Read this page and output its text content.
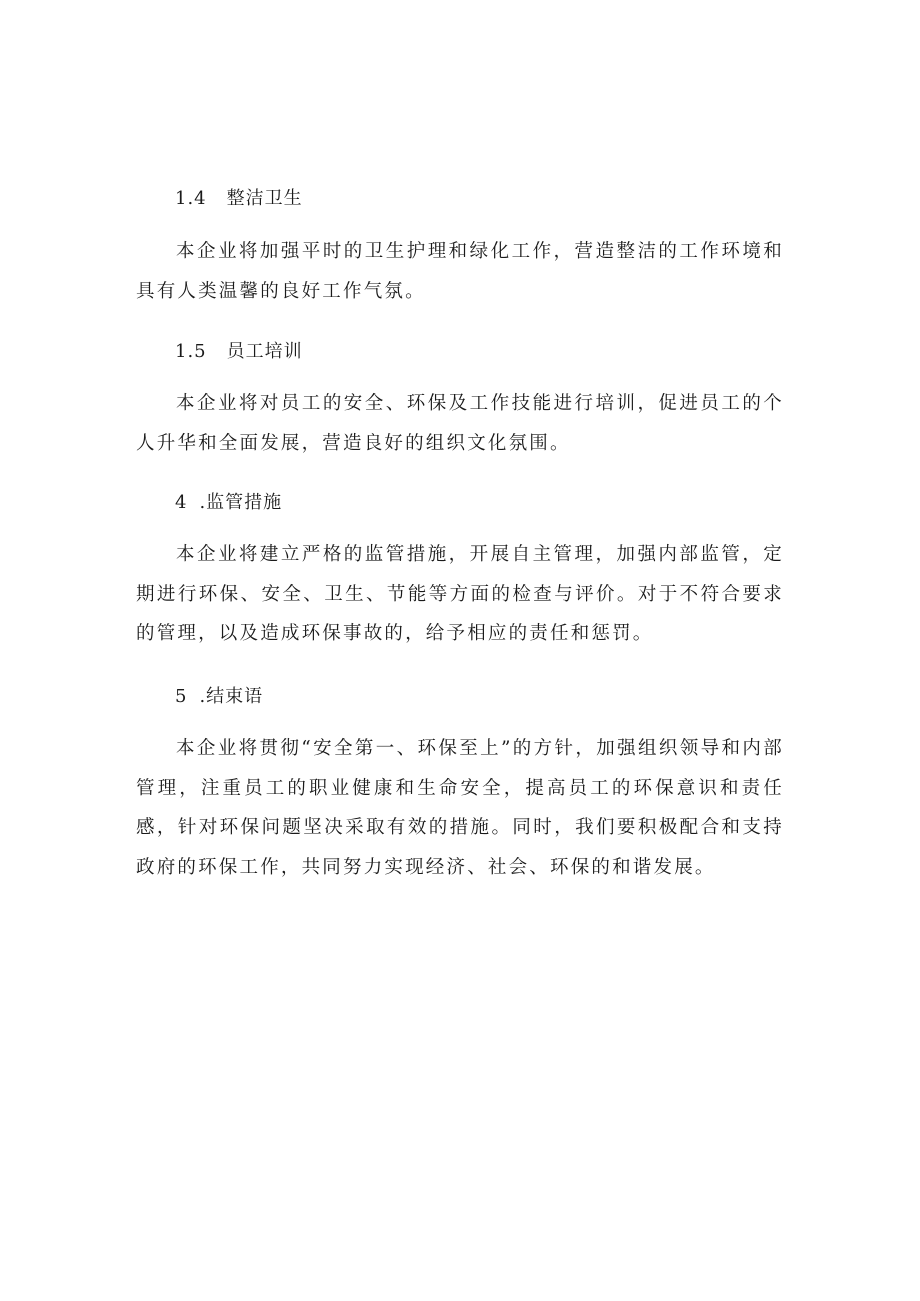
1.4 整洁卫生

本企业将加强平时的卫生护理和绿化工作，营造整洁的工作环境和具有人类温馨的良好工作气氛。

1.5 员工培训

本企业将对员工的安全、环保及工作技能进行培训，促进员工的个人升华和全面发展，营造良好的组织文化氛围。

4 .监管措施

本企业将建立严格的监管措施，开展自主管理，加强内部监管，定期进行环保、安全、卫生、节能等方面的检查与评价。对于不符合要求的管理，以及造成环保事故的，给予相应的责任和惩罚。

5 .结束语

本企业将贯彻“安全第一、环保至上”的方针，加强组织领导和内部管理，注重员工的职业健康和生命安全，提高员工的环保意识和责任感，针对环保问题坚决采取有效的措施。同时，我们要积极配合和支持政府的环保工作，共同努力实现经济、社会、环保的和谐发展。
